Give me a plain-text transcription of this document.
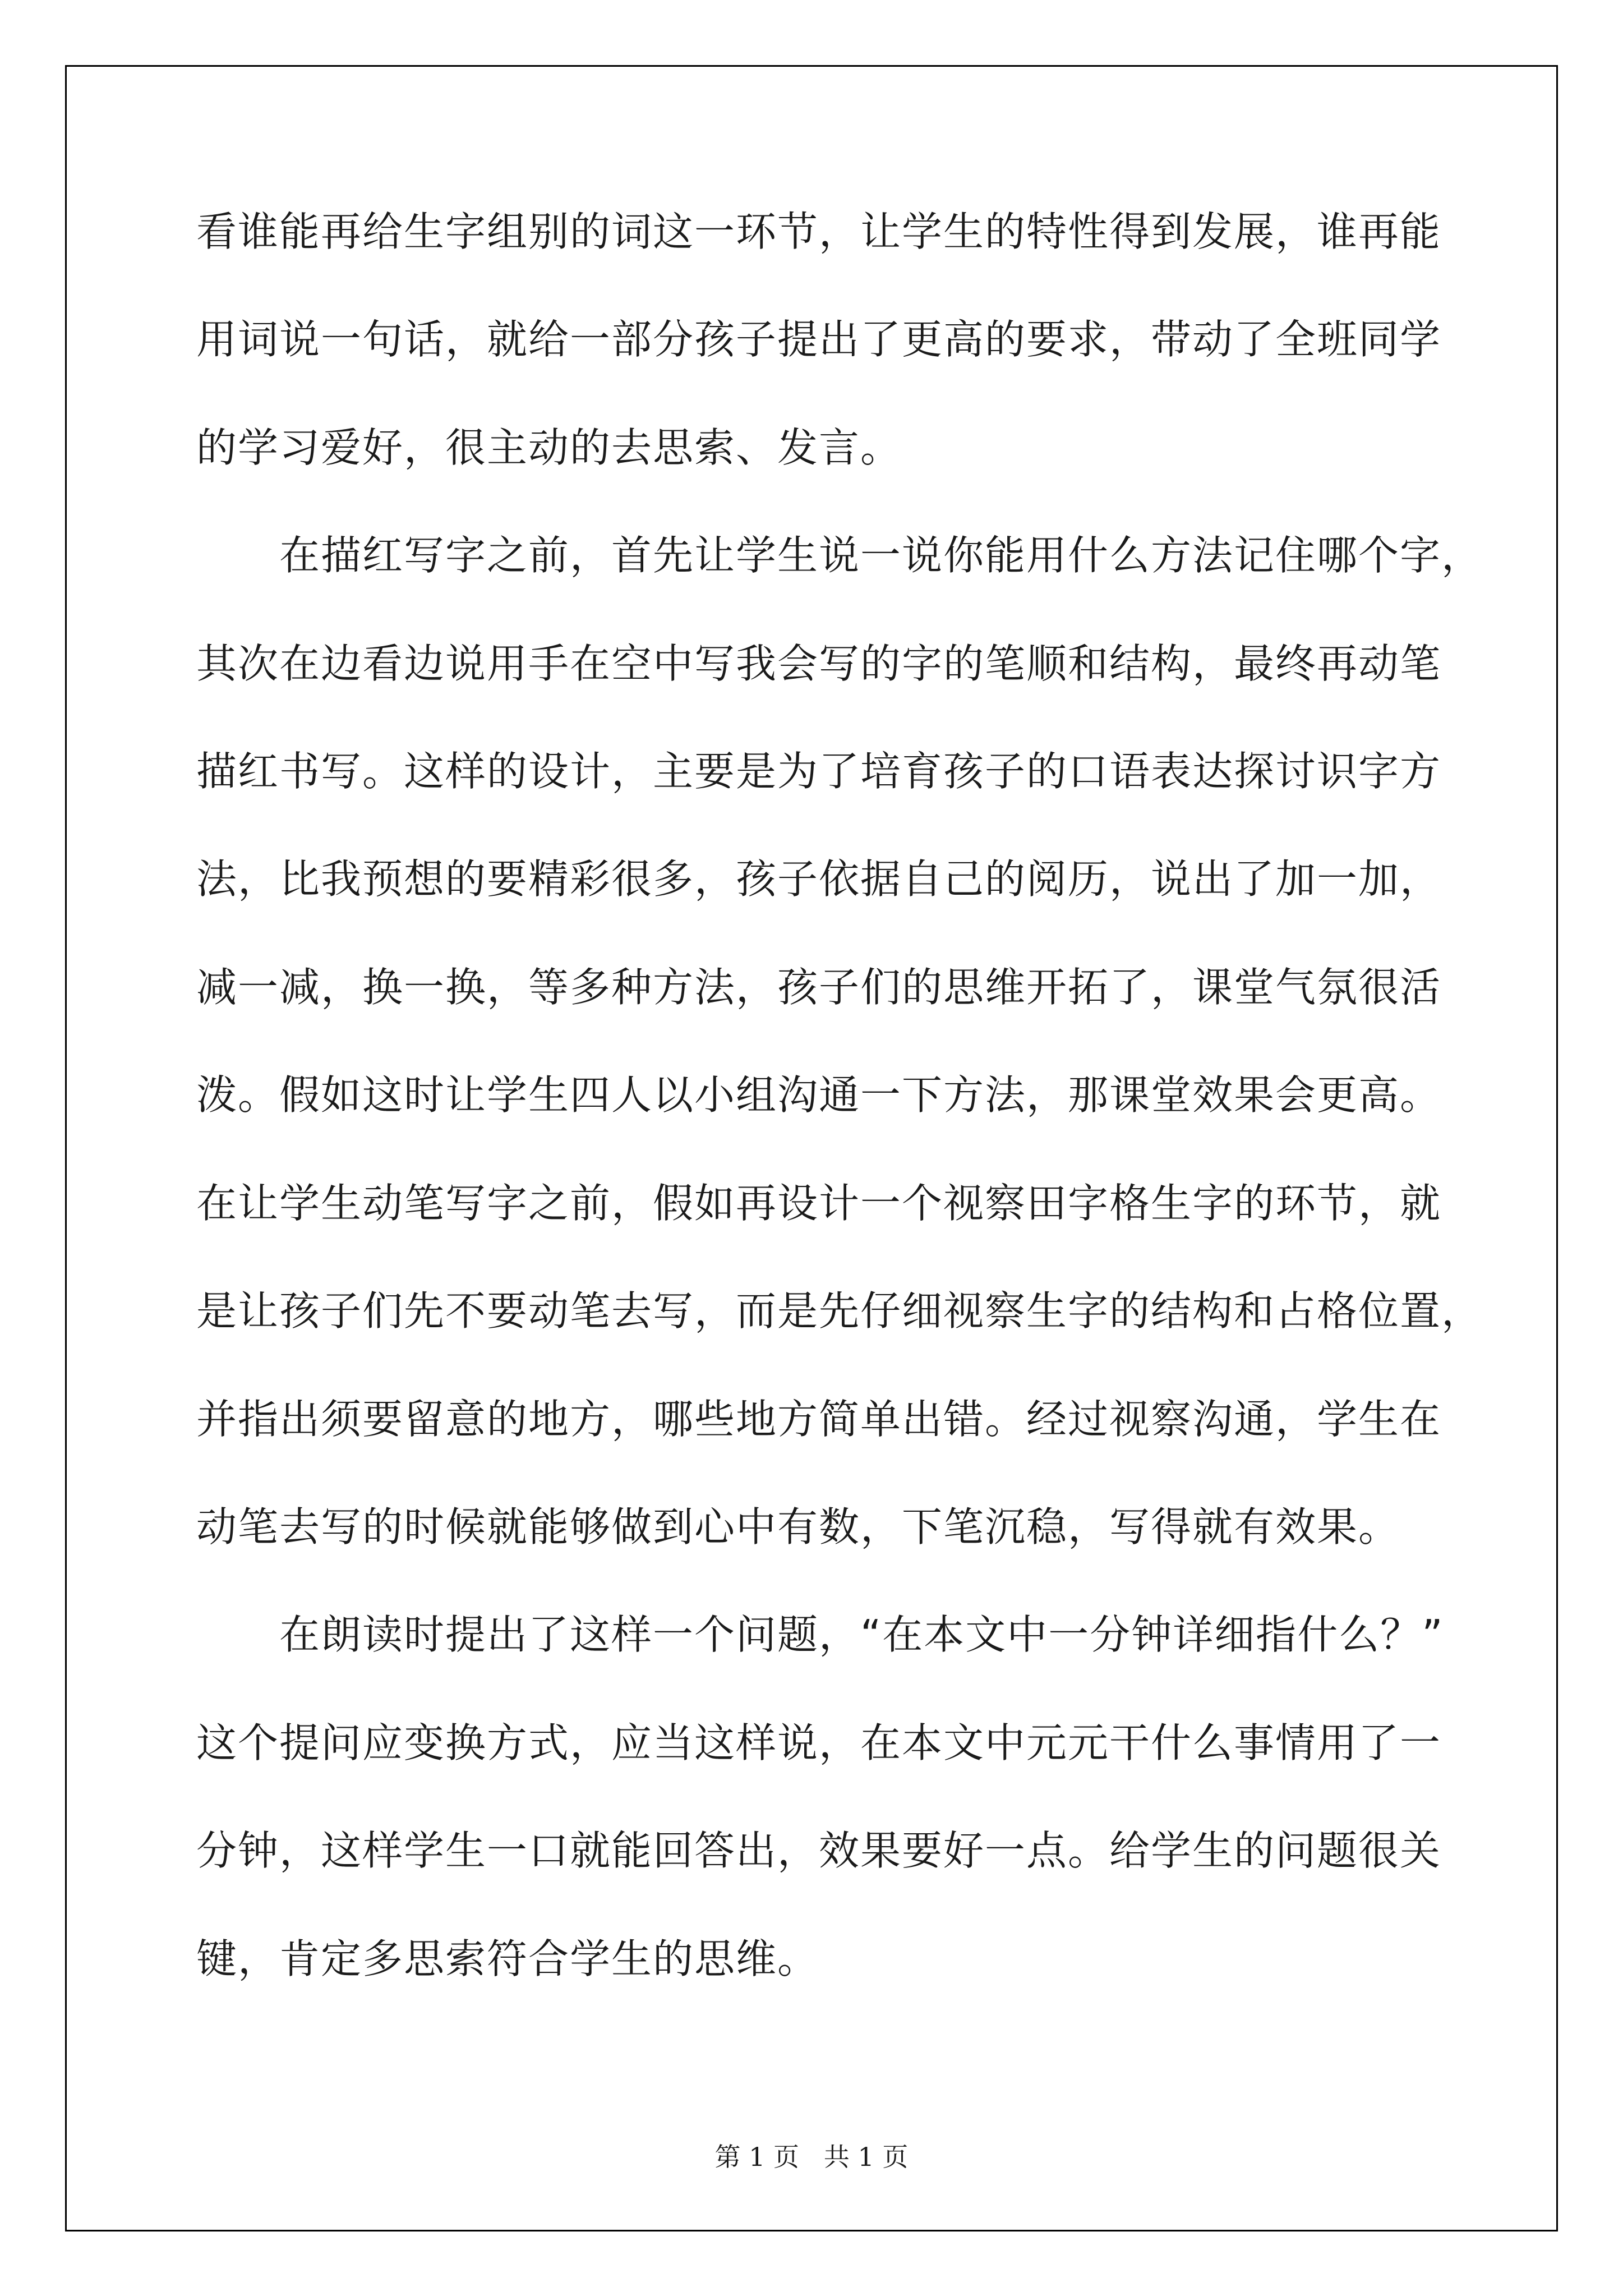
看谁能再给生字组别的词这一环节，让学生的特性得到发展，谁再能
用词说一句话，就给一部分孩子提出了更高的要求，带动了全班同学
的学习爱好，很主动的去思索、发言。
　　在描红写字之前，首先让学生说一说你能用什么方法记住哪个字，
其次在边看边说用手在空中写我会写的字的笔顺和结构，最终再动笔
描红书写。这样的设计，主要是为了培育孩子的口语表达探讨识字方
法，比我预想的要精彩很多，孩子依据自己的阅历，说出了加一加，
减一减，换一换，等多种方法，孩子们的思维开拓了，课堂气氛很活
泼。假如这时让学生四人以小组沟通一下方法，那课堂效果会更高。
在让学生动笔写字之前，假如再设计一个视察田字格生字的环节，就
是让孩子们先不要动笔去写，而是先仔细视察生字的结构和占格位置，
并指出须要留意的地方，哪些地方简单出错。经过视察沟通，学生在
动笔去写的时候就能够做到心中有数，下笔沉稳，写得就有效果。
　　在朗读时提出了这样一个问题，“在本文中一分钟详细指什么？”
这个提问应变换方式，应当这样说，在本文中元元干什么事情用了一
分钟，这样学生一口就能回答出，效果要好一点。给学生的问题很关
键，肯定多思索符合学生的思维。
第 1 页   共 1 页
